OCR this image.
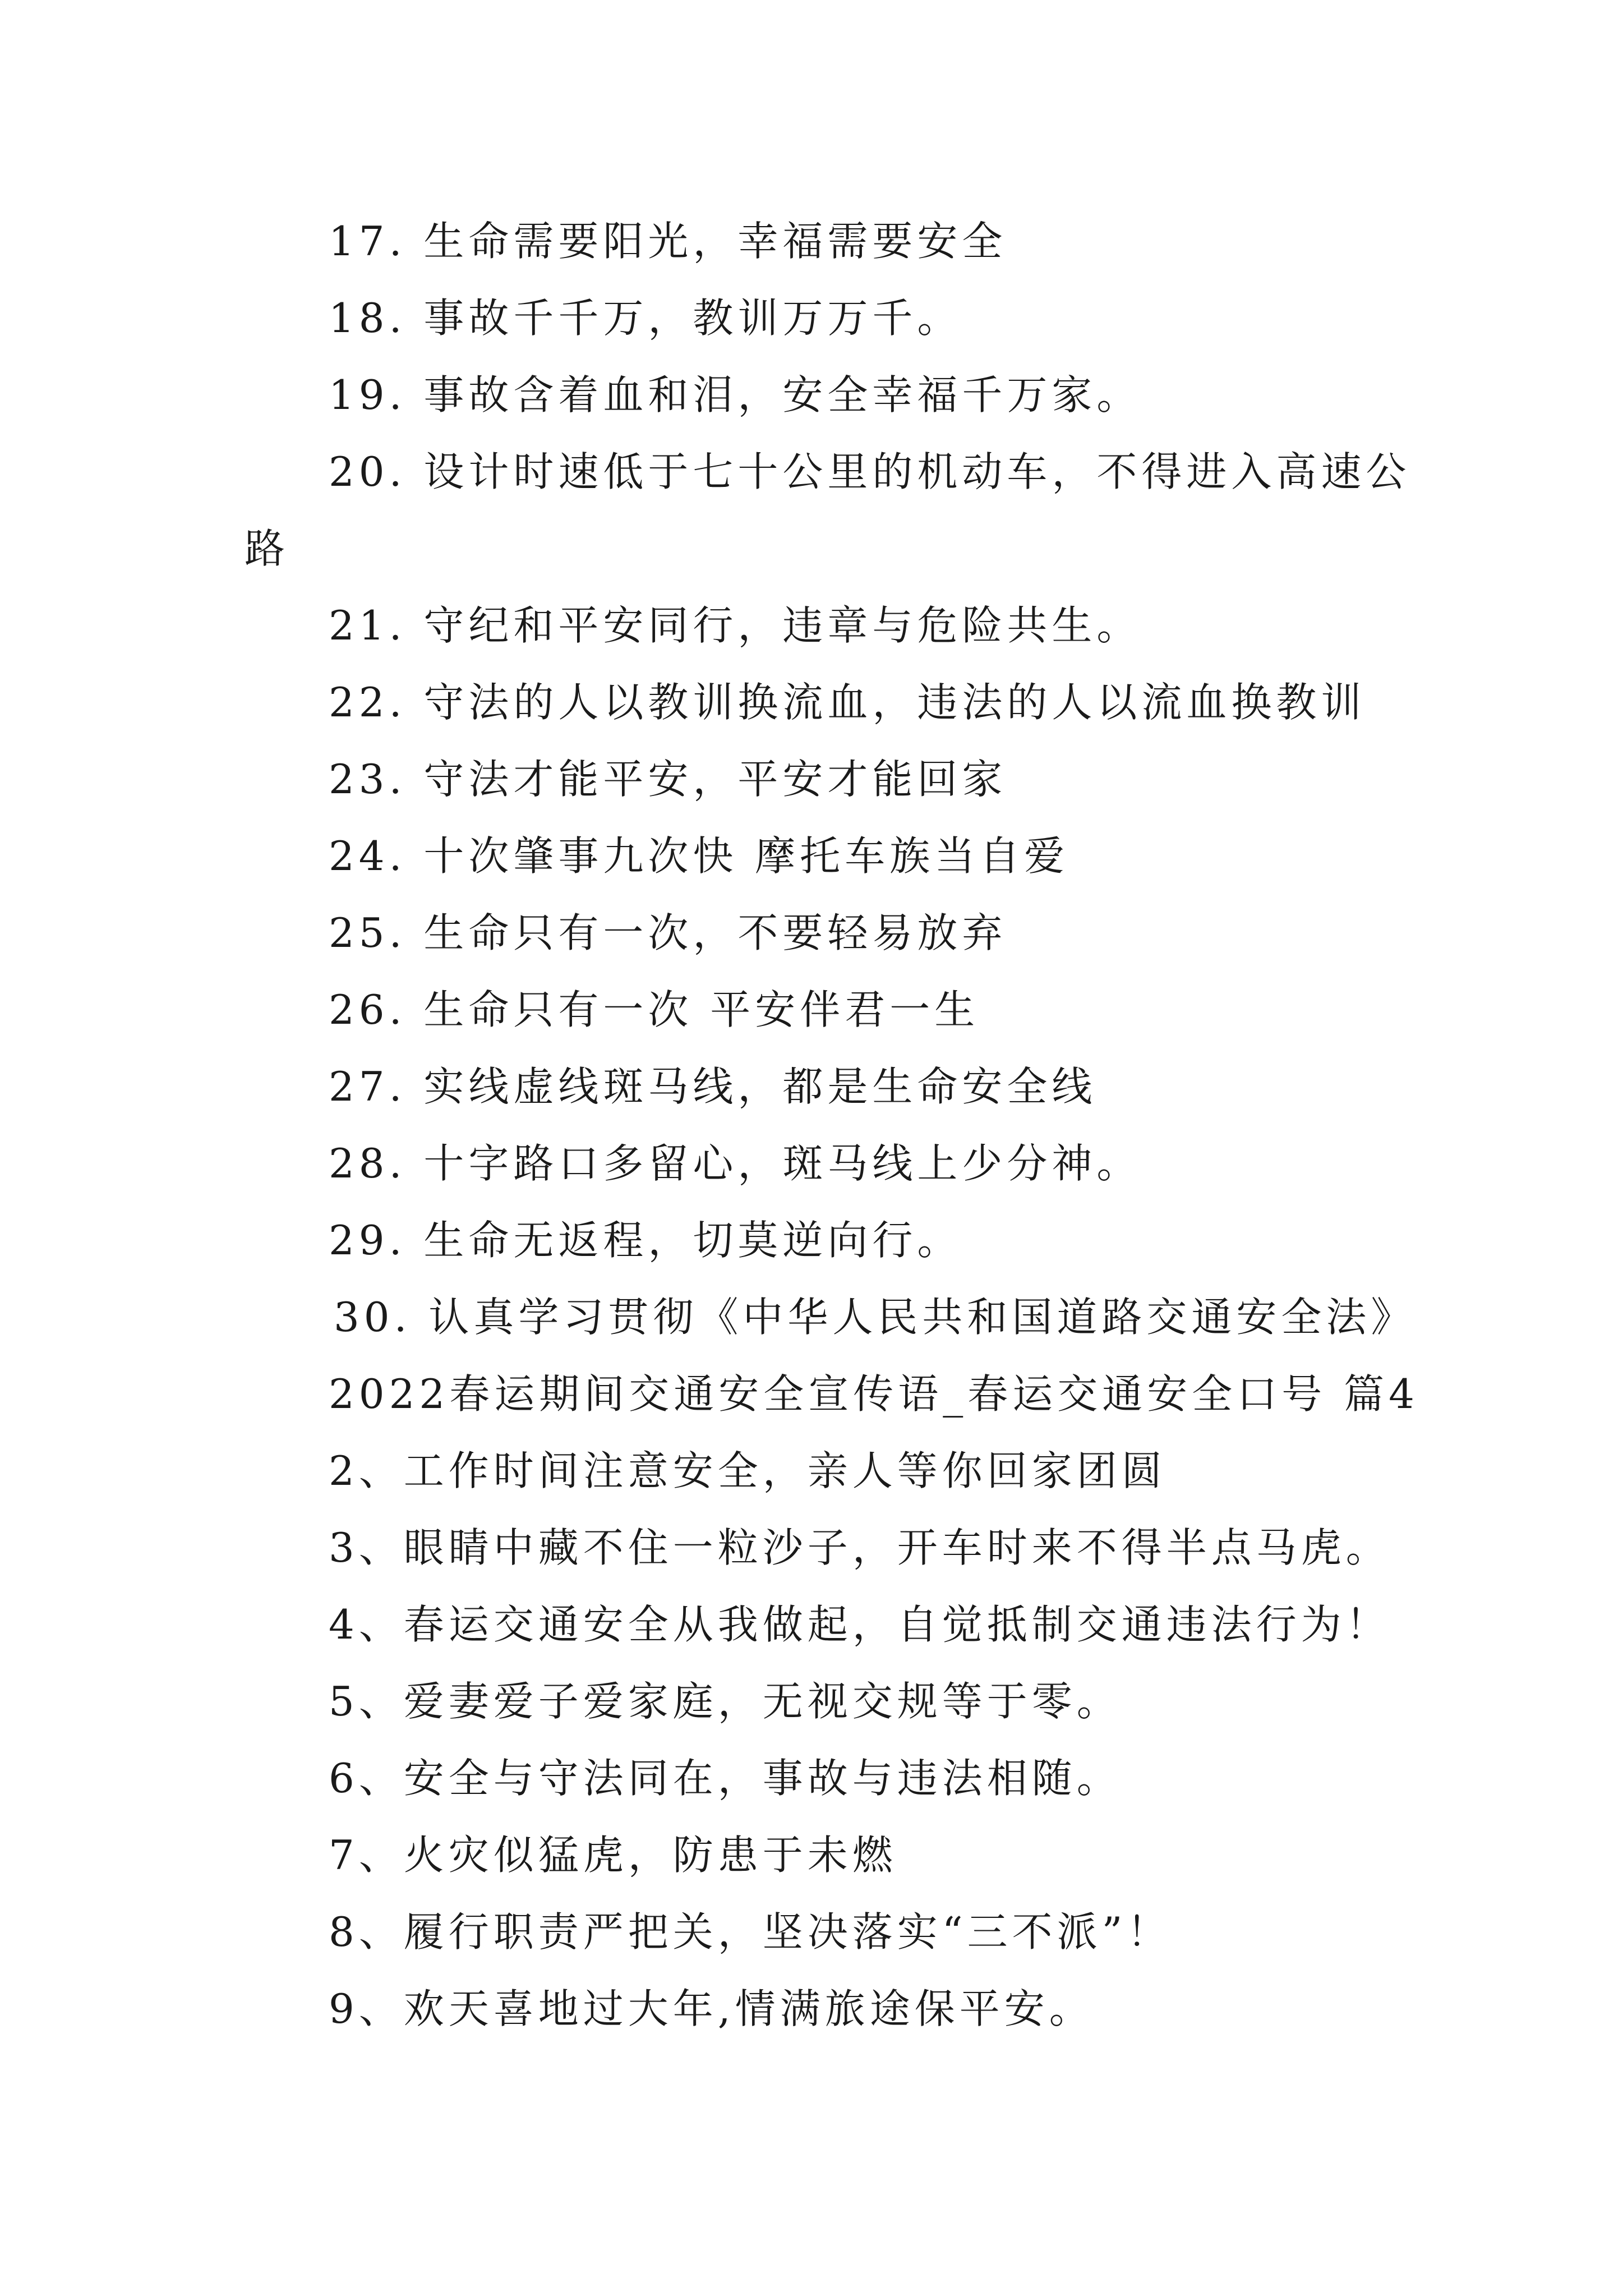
17. 生命需要阳光，幸福需要安全
18. 事故千千万，教训万万千。
19. 事故含着血和泪，安全幸福千万家。
20. 设计时速低于七十公里的机动车，不得进入高速公
路
21. 守纪和平安同行，违章与危险共生。
22. 守法的人以教训换流血，违法的人以流血换教训
23. 守法才能平安，平安才能回家
24. 十次肇事九次快 摩托车族当自爱
25. 生命只有一次，不要轻易放弃
26. 生命只有一次 平安伴君一生
27. 实线虚线斑马线，都是生命安全线
28. 十字路口多留心，斑马线上少分神。
29. 生命无返程，切莫逆向行。
30. 认真学习贯彻《中华人民共和国道路交通安全法》
2022春运期间交通安全宣传语_春运交通安全口号 篇4
2、工作时间注意安全，亲人等你回家团圆
3、眼睛中藏不住一粒沙子，开车时来不得半点马虎。
4、春运交通安全从我做起，自觉抵制交通违法行为！
5、爱妻爱子爱家庭，无视交规等于零。
6、安全与守法同在，事故与违法相随。
7、火灾似猛虎，防患于未燃
8、履行职责严把关，坚决落实“三不派”！
9、欢天喜地过大年,情满旅途保平安。
